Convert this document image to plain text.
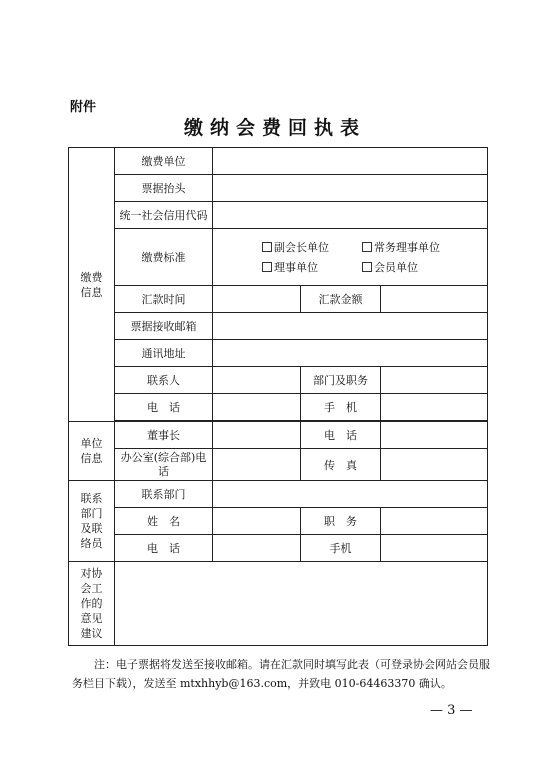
附件
缴纳会费回执表
缴费信息	缴费单位			
	票据抬头			
	统一社会信用代码			
	缴费标准	副会长单位 常务理事单位
理事单位 会员单位		

	汇款时间		汇款金额	
	票据接收邮箱			
	通讯地址			
	联系人		部门及职务	
	电　话		手　机	

单位信息	董事长		电　话	
	办公室(综合部)电话		传　真	

联系部门及联络员	联系部门			
	姓　名		职　务	
	电　话		手机	

对协会工作的意见建议				

注：电子票据将发送至接收邮箱。请在汇款同时填写此表（可登录协会网站会员服务栏目下载），发送至 mtxhhyb@163.com，并致电 010-64463370 确认。
— 3 —
